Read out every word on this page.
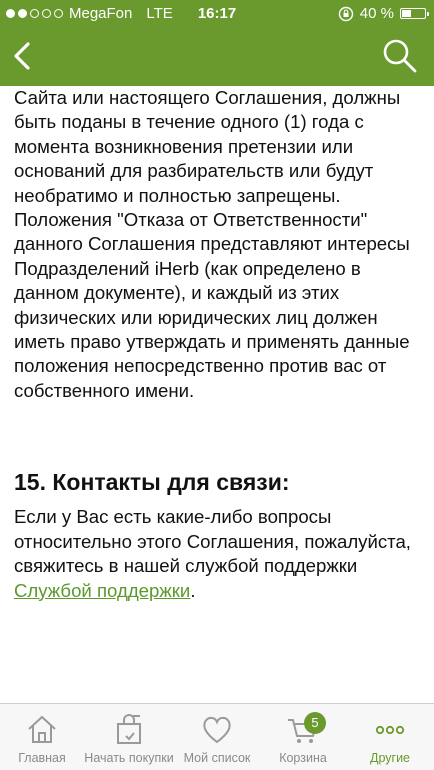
MegaFon LTE	16:17	40 %

Сайта или настоящего Соглашения, должны быть поданы в течение одного (1) года с момента возникновения претензии или оснований для разбирательств или будут необратимо и полностью запрещены. Положения "Отказа от Ответственности" данного Соглашения представляют интересы Подразделений iHerb (как определено в данном документе), и каждый из этих физических или юридических лиц должен иметь право утверждать и применять данные положения непосредственно против вас от собственного имени.

15. Контакты для связи:

Если у Вас есть какие-либо вопросы относительно этого Соглашения, пожалуйста, свяжитесь в нашей службой поддержки Службой поддержки.

Главная	Начать покупки Мой список
5
Корзина	Другие
